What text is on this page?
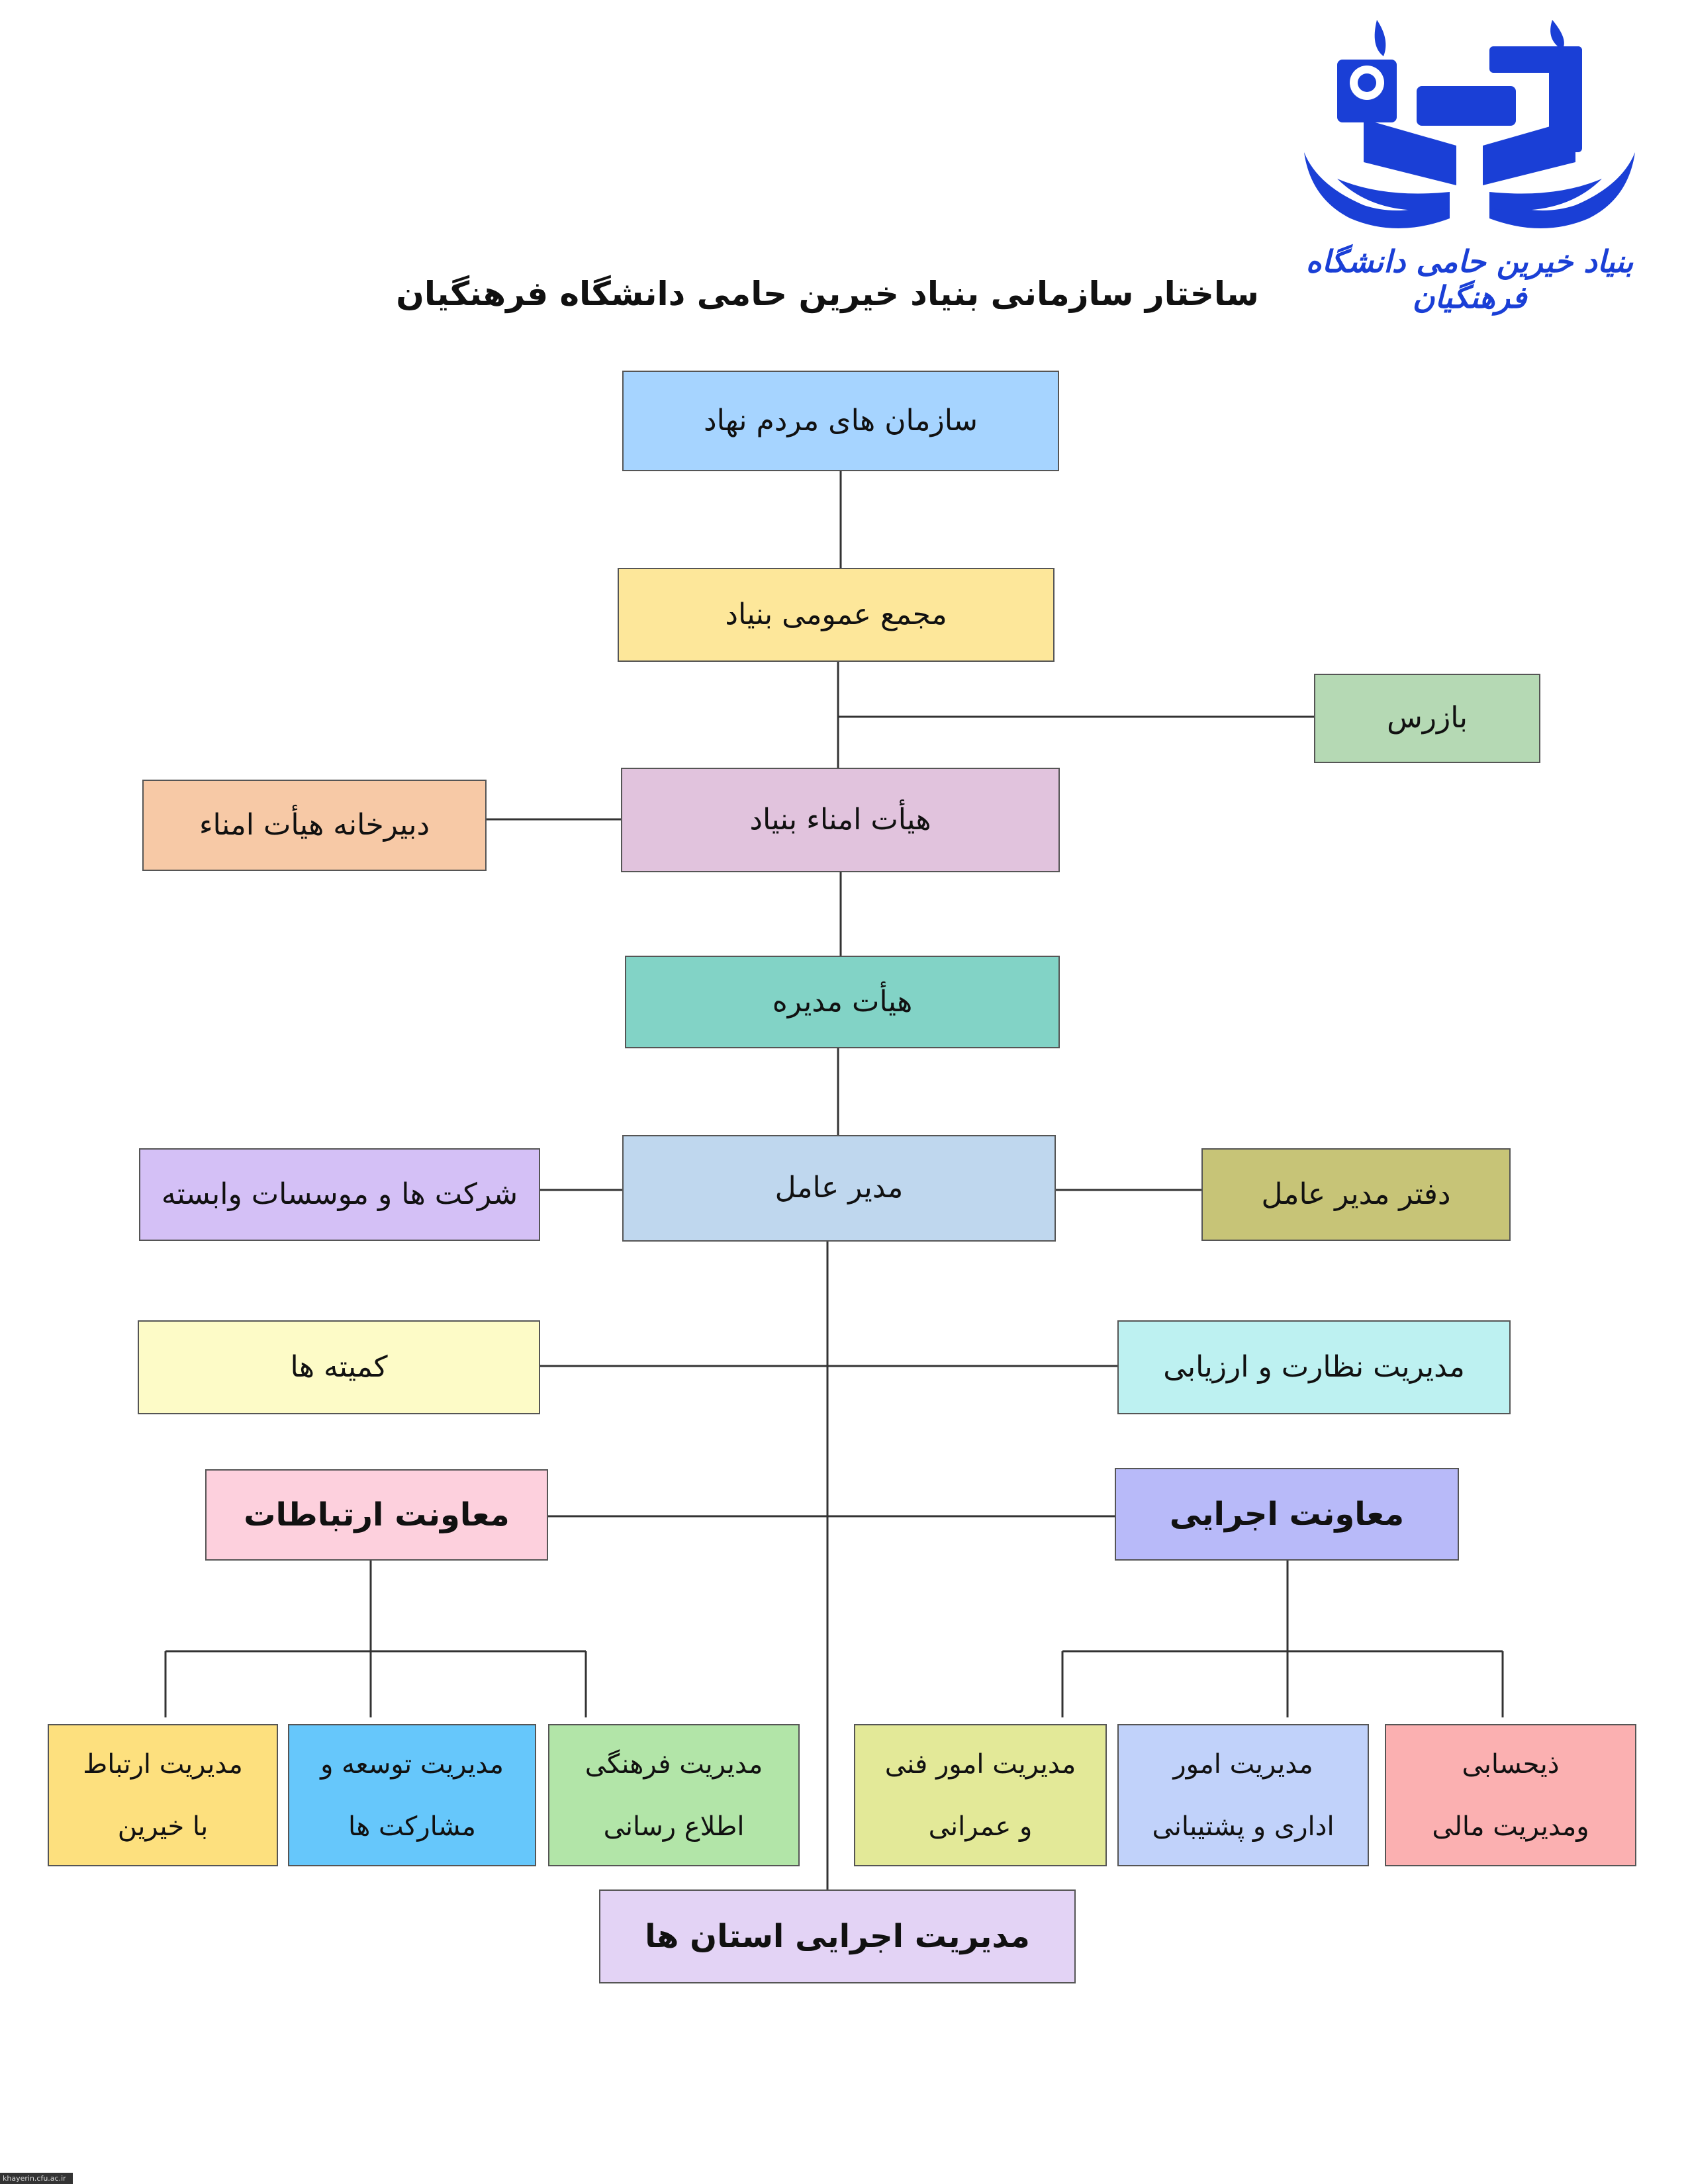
بنیاد خیرین حامی دانشگاه فرهنگیان
ساختار سازمانی بنیاد خیرین حامی دانشگاه فرهنگیان
سازمان های مردم نهاد
مجمع عمومی بنیاد
بازرس
هیأت امناء بنیاد
دبیرخانه هیأت امناء
هیأت مدیره
مدیر عامل
شرکت ها و موسسات وابسته	دفتر مدیر عامل
کمیته ها	مدیریت نظارت و ارزیابی
معاونت ارتباطات	معاونت اجرایی
مدیریت ارتباط
با خیرین
مدیریت توسعه و
مشارکت ها
مدیریت فرهنگی
اطلاع رسانی
مدیریت امور فنی
و عمرانی
مدیریت امور
اداری و پشتیبانی
ذیحسابی
ومدیریت مالی
مدیریت اجرایی استان ها
khayerin.cfu.ac.ir
